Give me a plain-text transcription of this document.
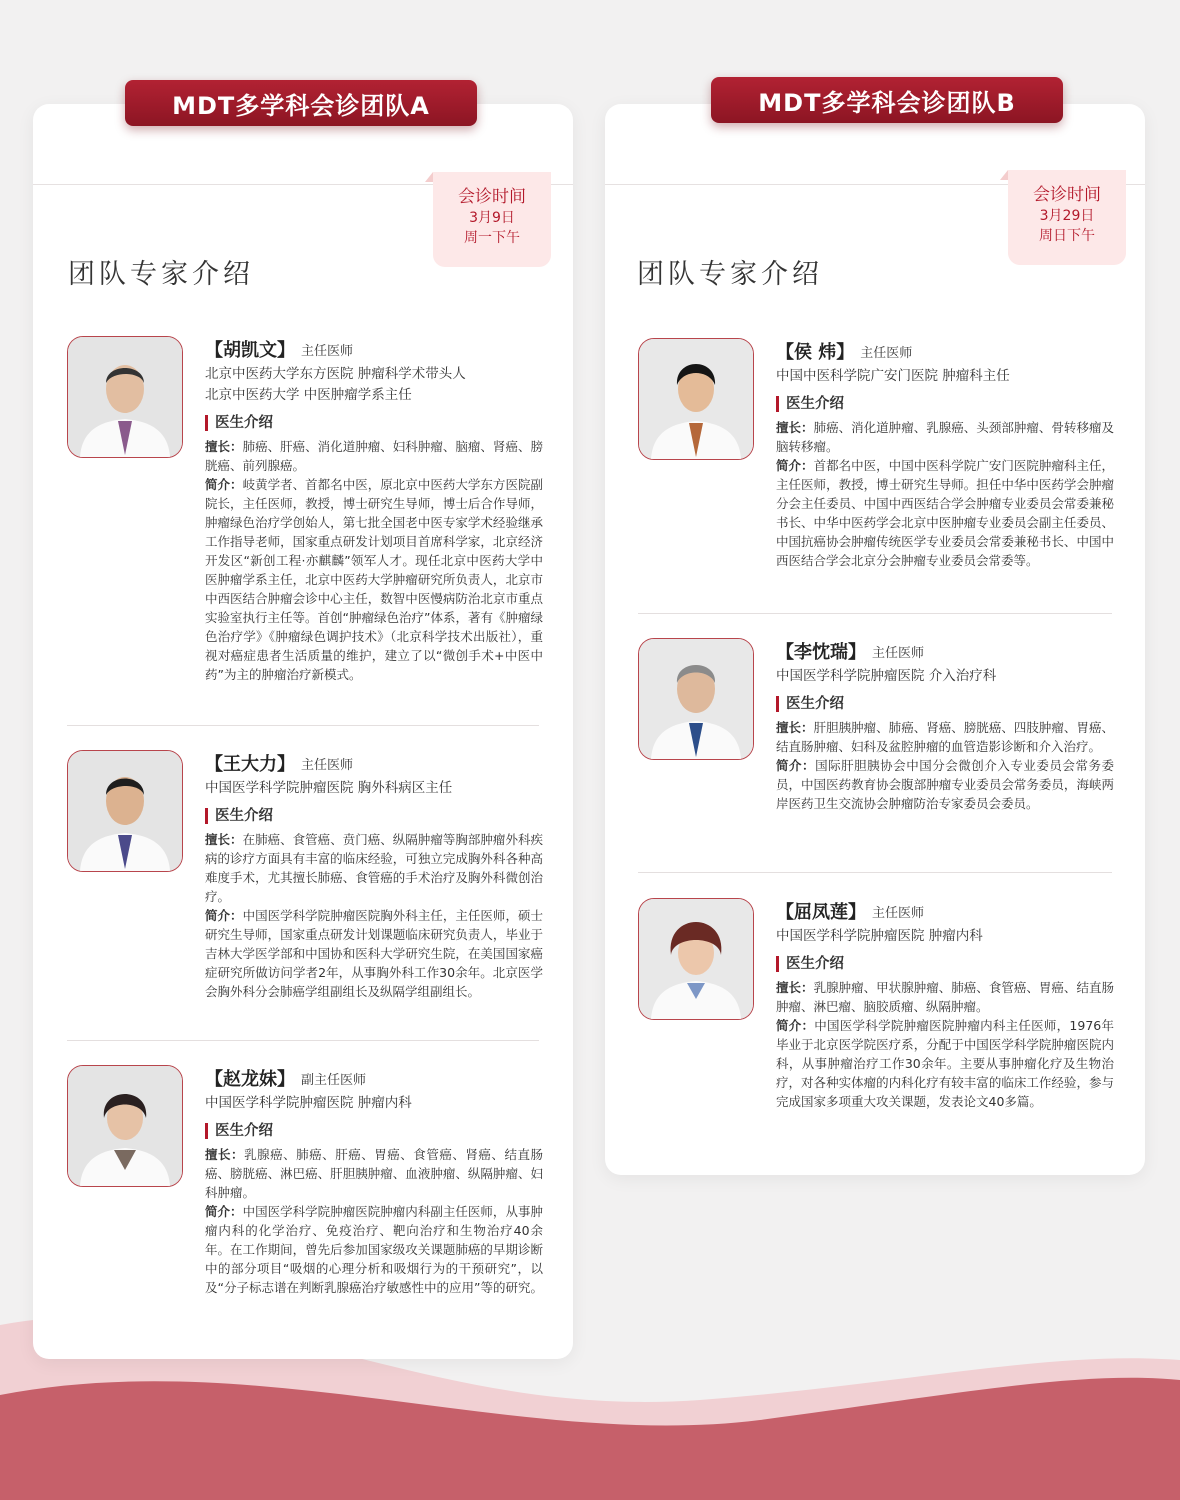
MDT多学科会诊团队A
会诊时间
3月9日
周一下午
团队专家介绍
【胡凯文】 主任医师
北京中医药大学东方医院 肿瘤科学术带头人
北京中医药大学 中医肿瘤学系主任
医生介绍
擅长：肺癌、肝癌、消化道肿瘤、妇科肿瘤、脑瘤、肾癌、膀胱癌、前列腺癌。
简介：岐黄学者、首都名中医，原北京中医药大学东方医院副院长，主任医师，教授，博士研究生导师，博士后合作导师，肿瘤绿色治疗学创始人，第七批全国老中医专家学术经验继承工作指导老师，国家重点研发计划项目首席科学家，北京经济开发区“新创工程·亦麒麟”领军人才。现任北京中医药大学中医肿瘤学系主任，北京中医药大学肿瘤研究所负责人，北京市中西医结合肿瘤会诊中心主任，数智中医慢病防治北京市重点实验室执行主任等。首创“肿瘤绿色治疗”体系，著有《肿瘤绿色治疗学》《肿瘤绿色调护技术》（北京科学技术出版社），重视对癌症患者生活质量的维护，建立了以“微创手术+中医中药”为主的肿瘤治疗新模式。
【王大力】 主任医师
中国医学科学院肿瘤医院 胸外科病区主任
医生介绍
擅长：在肺癌、食管癌、贲门癌、纵隔肿瘤等胸部肿瘤外科疾病的诊疗方面具有丰富的临床经验，可独立完成胸外科各种高难度手术，尤其擅长肺癌、食管癌的手术治疗及胸外科微创治疗。
简介：中国医学科学院肿瘤医院胸外科主任，主任医师，硕士研究生导师，国家重点研发计划课题临床研究负责人，毕业于吉林大学医学部和中国协和医科大学研究生院，在美国国家癌症研究所做访问学者2年，从事胸外科工作30余年。北京医学会胸外科分会肺癌学组副组长及纵隔学组副组长。
【赵龙妹】 副主任医师
中国医学科学院肿瘤医院 肿瘤内科
医生介绍
擅长：乳腺癌、肺癌、肝癌、胃癌、食管癌、肾癌、结直肠癌、膀胱癌、淋巴癌、肝胆胰肿瘤、血液肿瘤、纵隔肿瘤、妇科肿瘤。
简介：中国医学科学院肿瘤医院肿瘤内科副主任医师，从事肿瘤内科的化学治疗、免疫治疗、靶向治疗和生物治疗40余年。在工作期间，曾先后参加国家级攻关课题肺癌的早期诊断中的部分项目“吸烟的心理分析和吸烟行为的干预研究”，以及“分子标志谱在判断乳腺癌治疗敏感性中的应用”等的研究。
MDT多学科会诊团队B
会诊时间
3月29日
周日下午
团队专家介绍
【侯 炜】 主任医师
中国中医科学院广安门医院 肿瘤科主任
医生介绍
擅长：肺癌、消化道肿瘤、乳腺癌、头颈部肿瘤、骨转移瘤及脑转移瘤。
简介：首都名中医，中国中医科学院广安门医院肿瘤科主任，主任医师，教授，博士研究生导师。担任中华中医药学会肿瘤分会主任委员、中国中西医结合学会肿瘤专业委员会常委兼秘书长、中华中医药学会北京中医肿瘤专业委员会副主任委员、中国抗癌协会肿瘤传统医学专业委员会常委兼秘书长、中国中西医结合学会北京分会肿瘤专业委员会常委等。
【李忱瑞】 主任医师
中国医学科学院肿瘤医院 介入治疗科
医生介绍
擅长：肝胆胰肿瘤、肺癌、肾癌、膀胱癌、四肢肿瘤、胃癌、结直肠肿瘤、妇科及盆腔肿瘤的血管造影诊断和介入治疗。
简介：国际肝胆胰协会中国分会微创介入专业委员会常务委员，中国医药教育协会腹部肿瘤专业委员会常务委员，海峡两岸医药卫生交流协会肿瘤防治专家委员会委员。
【屈凤莲】 主任医师
中国医学科学院肿瘤医院 肿瘤内科
医生介绍
擅长：乳腺肿瘤、甲状腺肿瘤、肺癌、食管癌、胃癌、结直肠肿瘤、淋巴瘤、脑胶质瘤、纵隔肿瘤。
简介：中国医学科学院肿瘤医院肿瘤内科主任医师，1976年毕业于北京医学院医疗系，分配于中国医学科学院肿瘤医院内科，从事肿瘤治疗工作30余年。主要从事肿瘤化疗及生物治疗，对各种实体瘤的内科化疗有较丰富的临床工作经验，参与完成国家多项重大攻关课题，发表论文40多篇。
